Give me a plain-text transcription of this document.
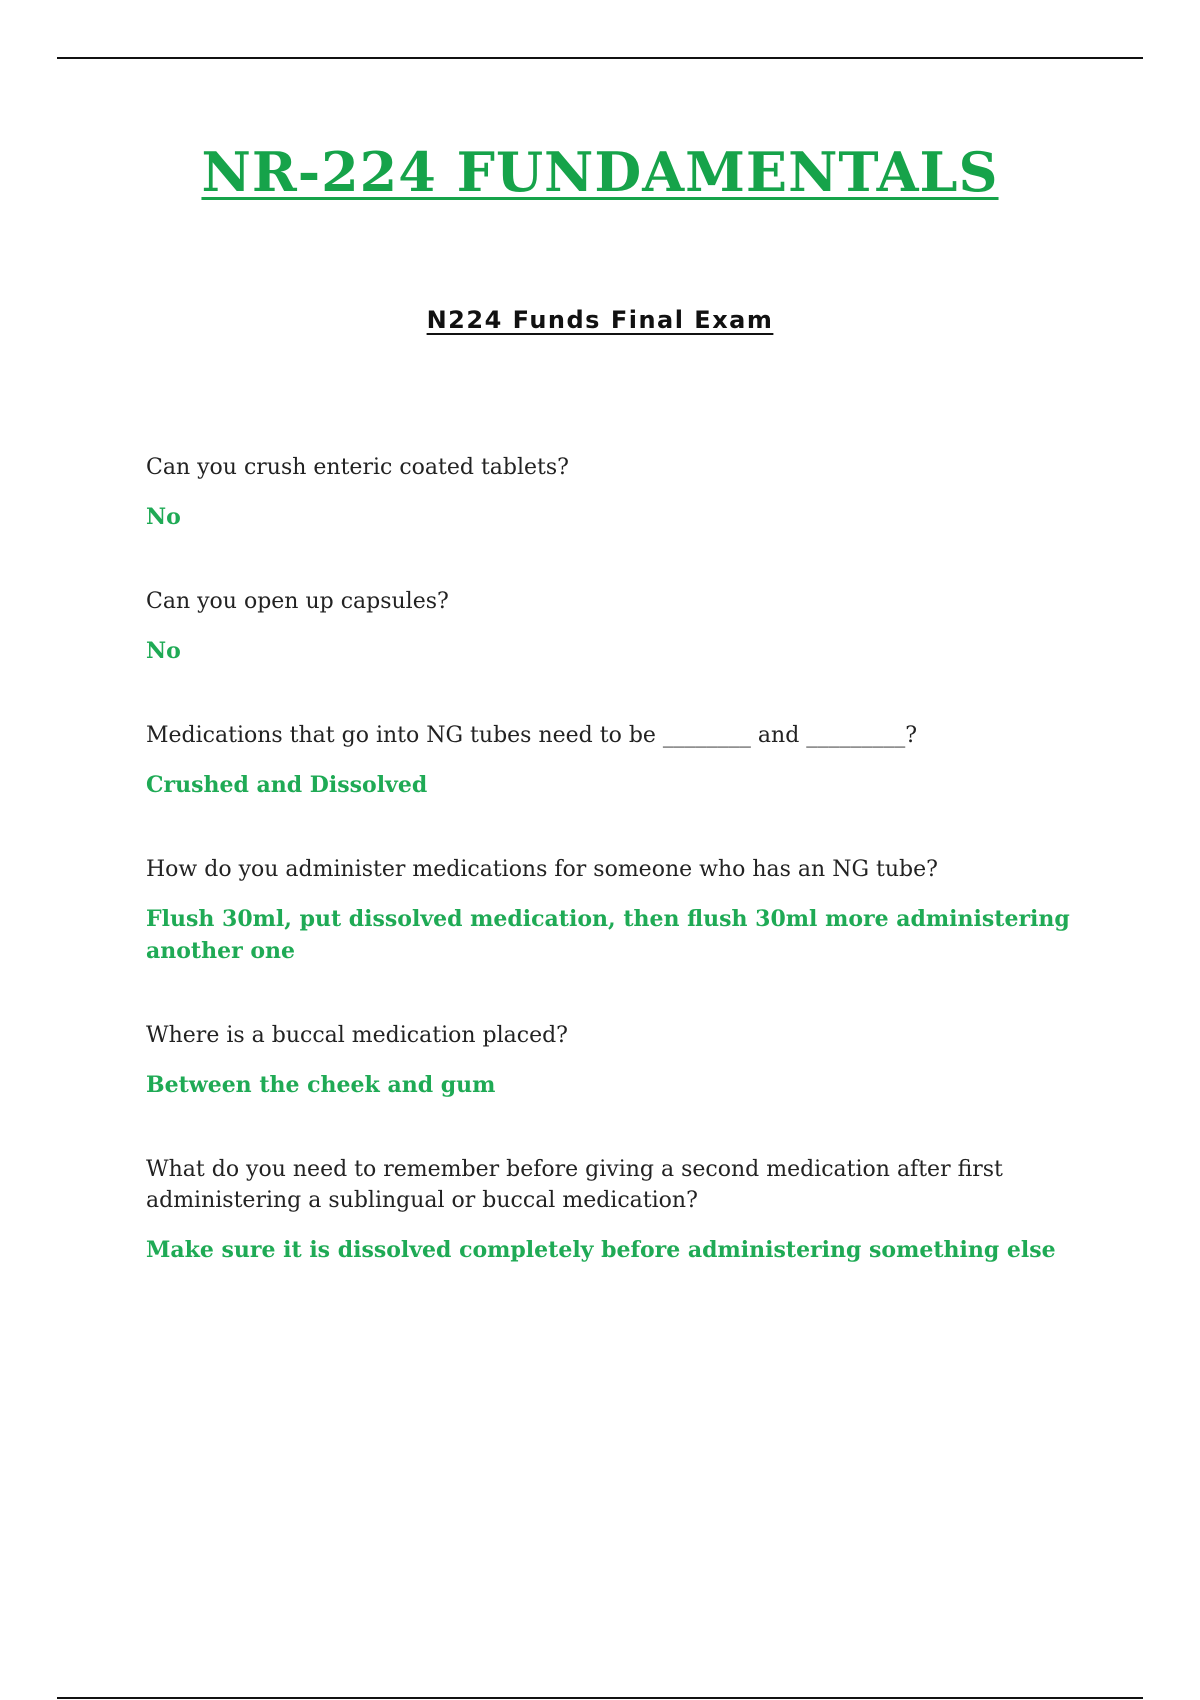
NR-224 FUNDAMENTALS
N224 Funds Final Exam

Can you crush enteric coated tablets?

No

Can you open up capsules?

No

Medications that go into NG tubes need to be ________ and _________?

Crushed and Dissolved

How do you administer medications for someone who has an NG tube?

Flush 30ml, put dissolved medication, then flush 30ml more administering another one

Where is a buccal medication placed?

Between the cheek and gum

What do you need to remember before giving a second medication after first administering a sublingual or buccal medication?

Make sure it is dissolved completely before administering something else
